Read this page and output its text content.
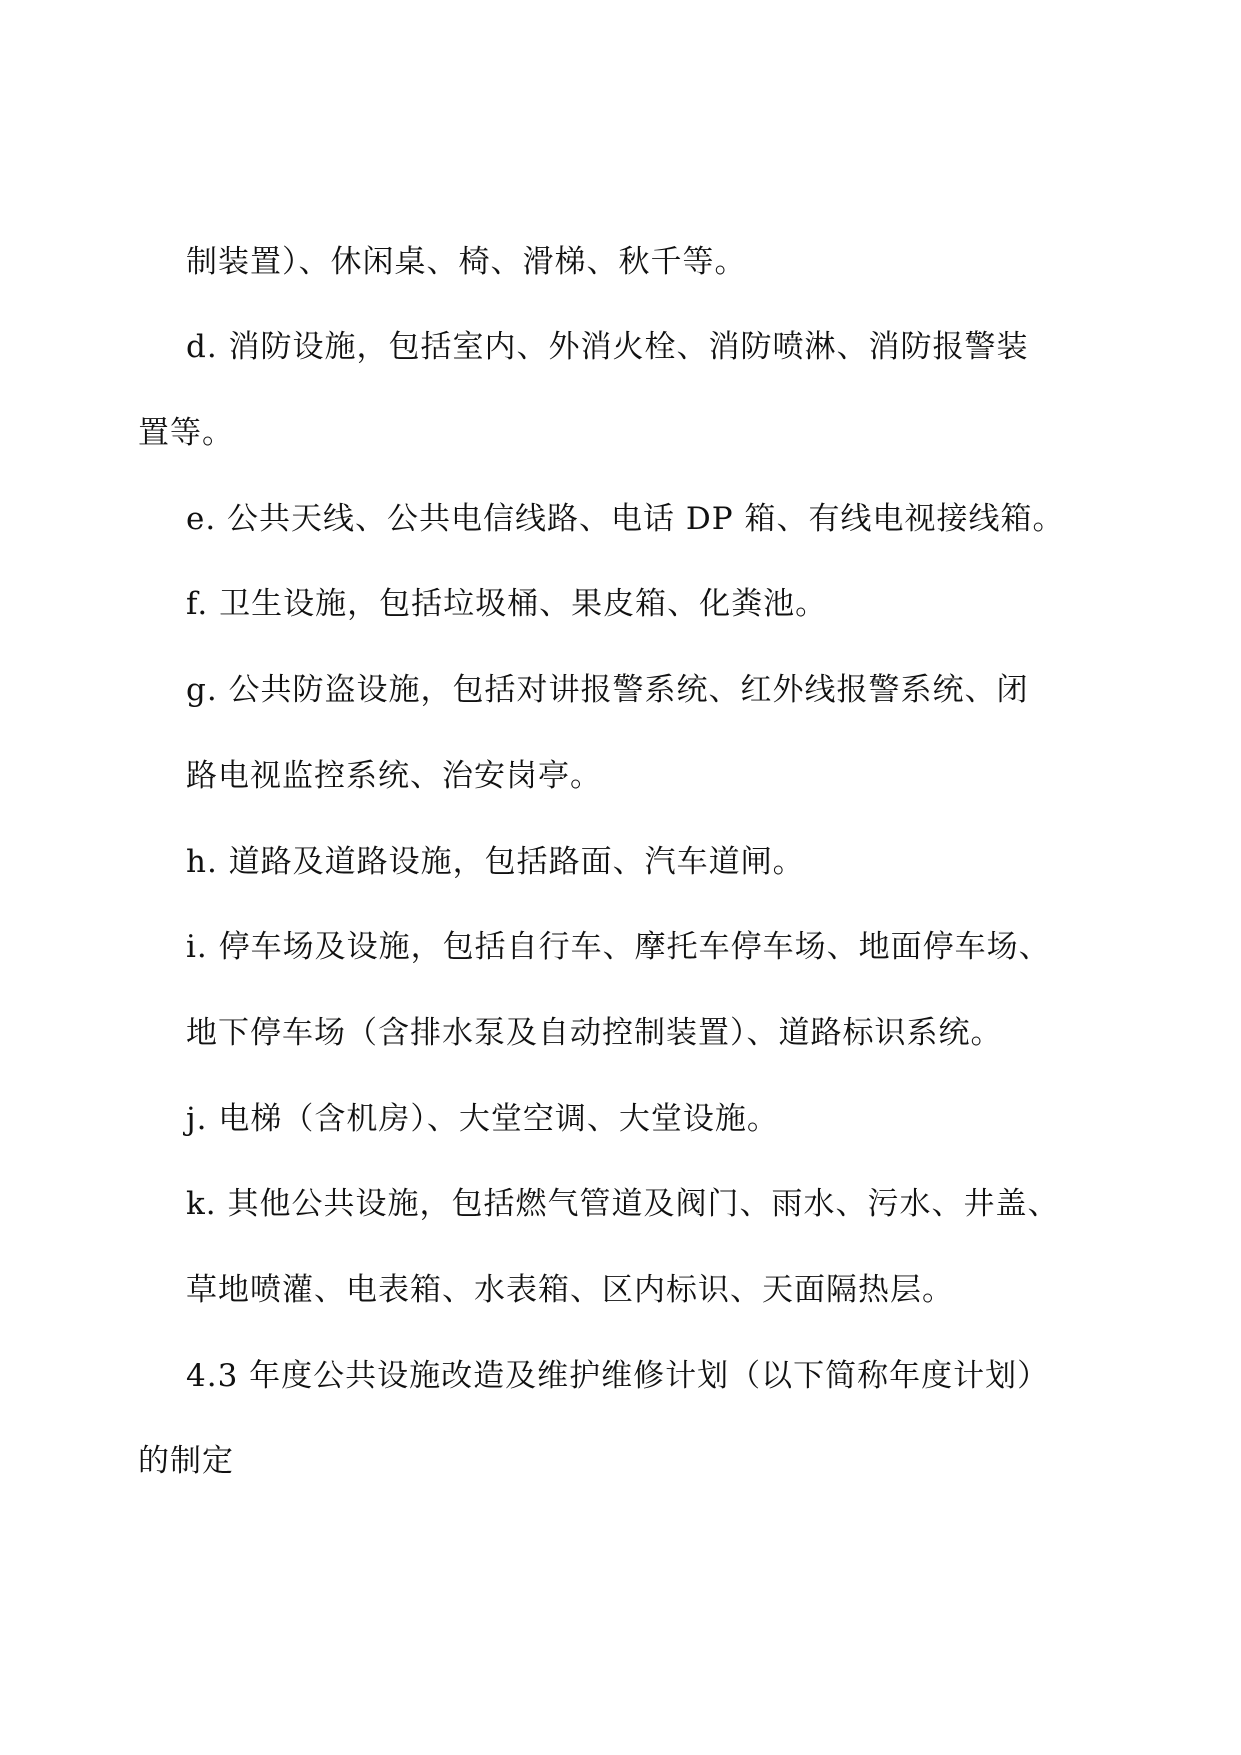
制装置）、休闲桌、椅、滑梯、秋千等。
d. 消防设施，包括室内、外消火栓、消防喷淋、消防报警装
置等。
e. 公共天线、公共电信线路、电话 DP 箱、有线电视接线箱。
f. 卫生设施，包括垃圾桶、果皮箱、化粪池。
g. 公共防盗设施，包括对讲报警系统、红外线报警系统、闭
路电视监控系统、治安岗亭。
h. 道路及道路设施，包括路面、汽车道闸。
i. 停车场及设施，包括自行车、摩托车停车场、地面停车场、
地下停车场（含排水泵及自动控制装置）、道路标识系统。
j. 电梯（含机房）、大堂空调、大堂设施。
k. 其他公共设施，包括燃气管道及阀门、雨水、污水、井盖、
草地喷灌、电表箱、水表箱、区内标识、天面隔热层。
4.3 年度公共设施改造及维护维修计划（以下简称年度计划）
的制定
